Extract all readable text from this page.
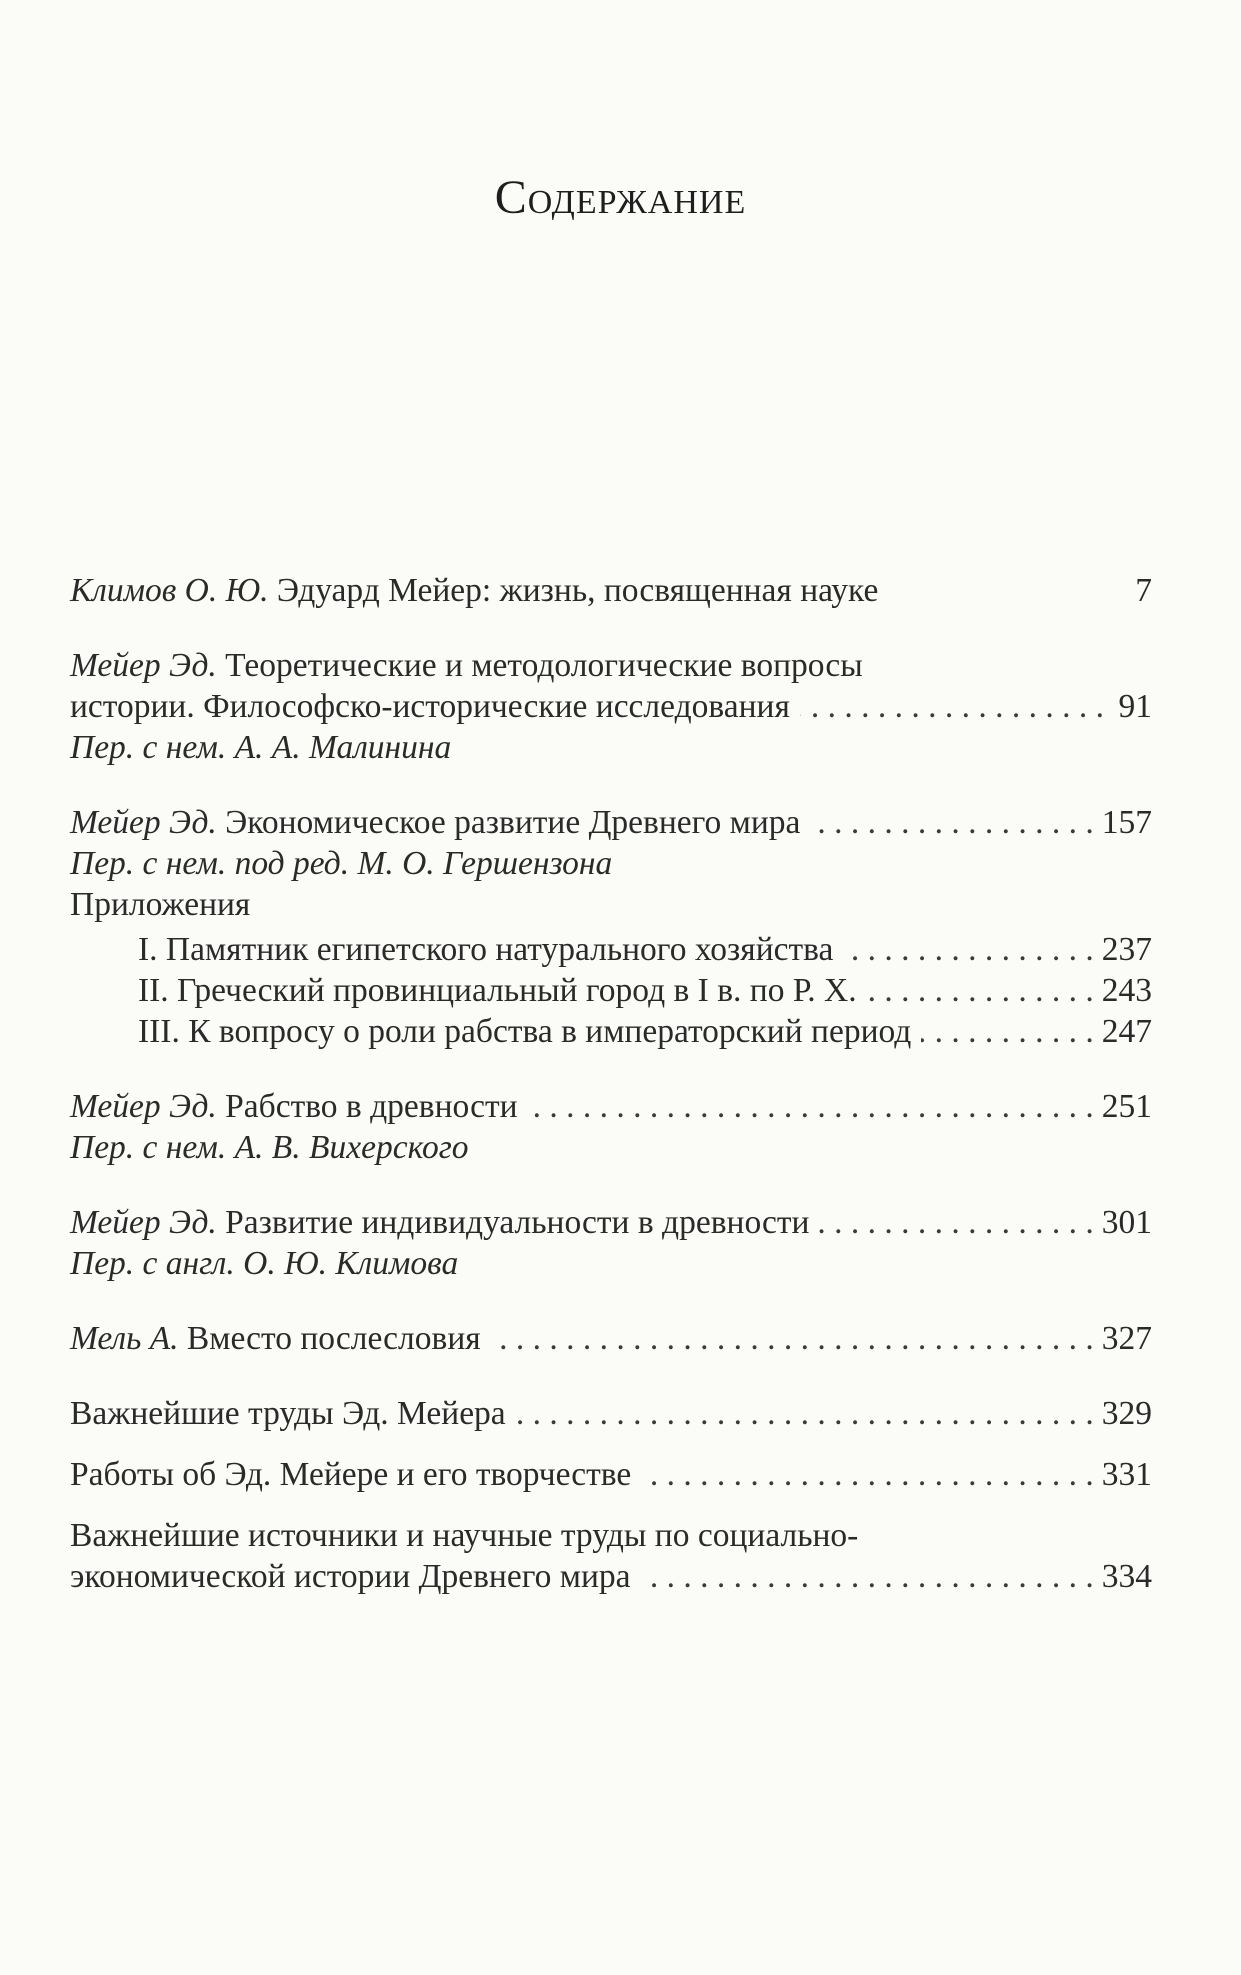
Содержание
Климов О. Ю. Эдуард Мейер: жизнь, посвященная науке	7
Мейер Эд. Теоретические и методологические вопросы
истории. Философско-исторические исследования . . .	91
Пер. с нем. А. А. Малинина
Мейер Эд. Экономическое развитие Древнего мира . . .	157
Пер. с нем. под ред. М. О. Гершензона
Приложения
I. Памятник египетского натурального хозяйства . . .	237
II. Греческий провинциальный город в I в. по Р. Х. . . .	243
III. К вопросу о роли рабства в императорский период . . .	247
Мейер Эд. Рабство в древности . . .	251
Пер. с нем. А. В. Вихерского
Мейер Эд. Развитие индивидуальности в древности . . .	301
Пер. с англ. О. Ю. Климова
Мель А. Вместо послесловия . . .	327
Важнейшие труды Эд. Мейера . . .	329
Работы об Эд. Мейере и его творчестве . . .	331
Важнейшие источники и научные труды по социально-
экономической истории Древнего мира . . .	334
